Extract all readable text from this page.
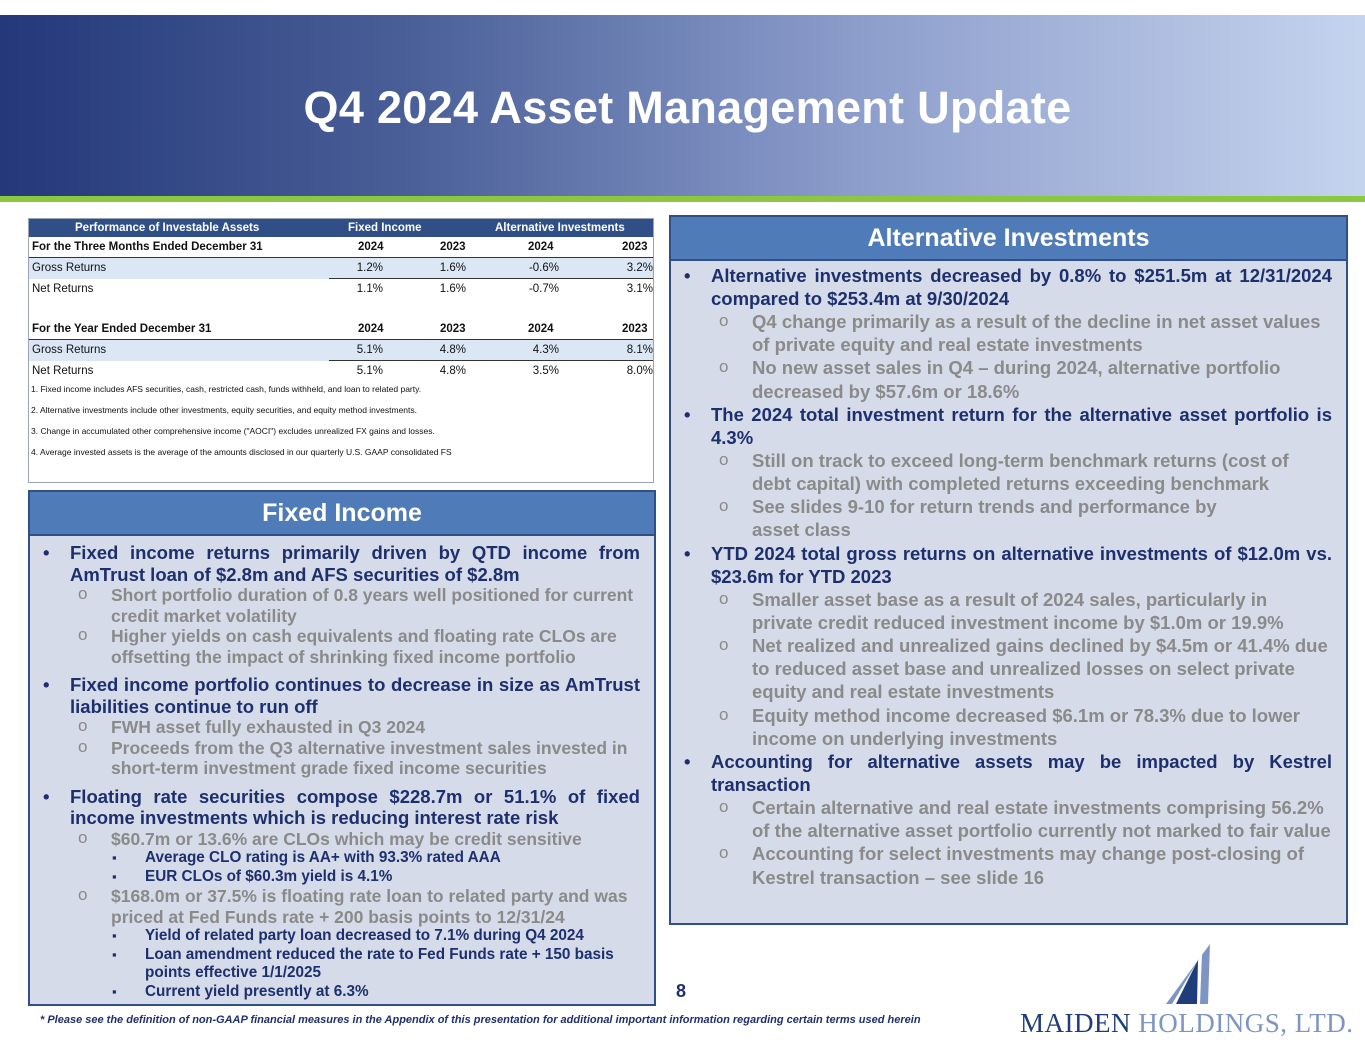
Q4 2024 Asset Management Update
Performance of Investable Assets	Fixed Income	Alternative Investments
For the Three Months Ended December 31	2024	2023	2024	2023
Gross Returns	1.2%	1.6%	-0.6%	3.2%
Net Returns	1.1%	1.6%	-0.7%	3.1%
For the Year Ended December 31	2024	2023	2024	2023
Gross Returns	5.1%	4.8%	4.3%	8.1%
Net Returns	5.1%	4.8%	3.5%	8.0%
1. Fixed income includes AFS securities, cash, restricted cash, funds withheld, and loan to related party.
2. Alternative investments include other investments, equity securities, and equity method investments.
3. Change in accumulated other comprehensive income ("AOCI") excludes unrealized FX gains and losses.
4. Average invested assets is the average of the amounts disclosed in our quarterly U.S. GAAP consolidated FS
Fixed Income
• Fixed income returns primarily driven by QTD income from AmTrust loan of $2.8m and AFS securities of $2.8m
o Short portfolio duration of 0.8 years well positioned for current credit market volatility
o Higher yields on cash equivalents and floating rate CLOs are offsetting the impact of shrinking fixed income portfolio
• Fixed income portfolio continues to decrease in size as AmTrust liabilities continue to run off
o FWH asset fully exhausted in Q3 2024
o Proceeds from the Q3 alternative investment sales invested in short-term investment grade fixed income securities
• Floating rate securities compose $228.7m or 51.1% of fixed income investments which is reducing interest rate risk
o $60.7m or 13.6% are CLOs which may be credit sensitive
▪ Average CLO rating is AA+ with 93.3% rated AAA
▪ EUR CLOs of $60.3m yield is 4.1%
o $168.0m or 37.5% is floating rate loan to related party and was priced at Fed Funds rate + 200 basis points to 12/31/24
▪ Yield of related party loan decreased to 7.1% during Q4 2024
▪ Loan amendment reduced the rate to Fed Funds rate + 150 basis points effective 1/1/2025
▪ Current yield presently at 6.3%
Alternative Investments
• Alternative investments decreased by 0.8% to $251.5m at 12/31/2024 compared to $253.4m at 9/30/2024
o Q4 change primarily as a result of the decline in net asset values of private equity and real estate investments
o No new asset sales in Q4 – during 2024, alternative portfolio decreased by $57.6m or 18.6%
• The 2024 total investment return for the alternative asset portfolio is 4.3%
o Still on track to exceed long-term benchmark returns (cost of debt capital) with completed returns exceeding benchmark
o See slides 9-10 for return trends and performance by asset class
• YTD 2024 total gross returns on alternative investments of $12.0m vs. $23.6m for YTD 2023
o Smaller asset base as a result of 2024 sales, particularly in private credit reduced investment income by $1.0m or 19.9%
o Net realized and unrealized gains declined by $4.5m or 41.4% due to reduced asset base and unrealized losses on select private equity and real estate investments
o Equity method income decreased $6.1m or 78.3% due to lower income on underlying investments
• Accounting for alternative assets may be impacted by Kestrel transaction
o Certain alternative and real estate investments comprising 56.2% of the alternative asset portfolio currently not marked to fair value
o Accounting for select investments may change post-closing of Kestrel transaction – see slide 16
8
* Please see the definition of non-GAAP financial measures in the Appendix of this presentation for additional important information regarding certain terms used herein	MAIDEN HOLDINGS, LTD.
